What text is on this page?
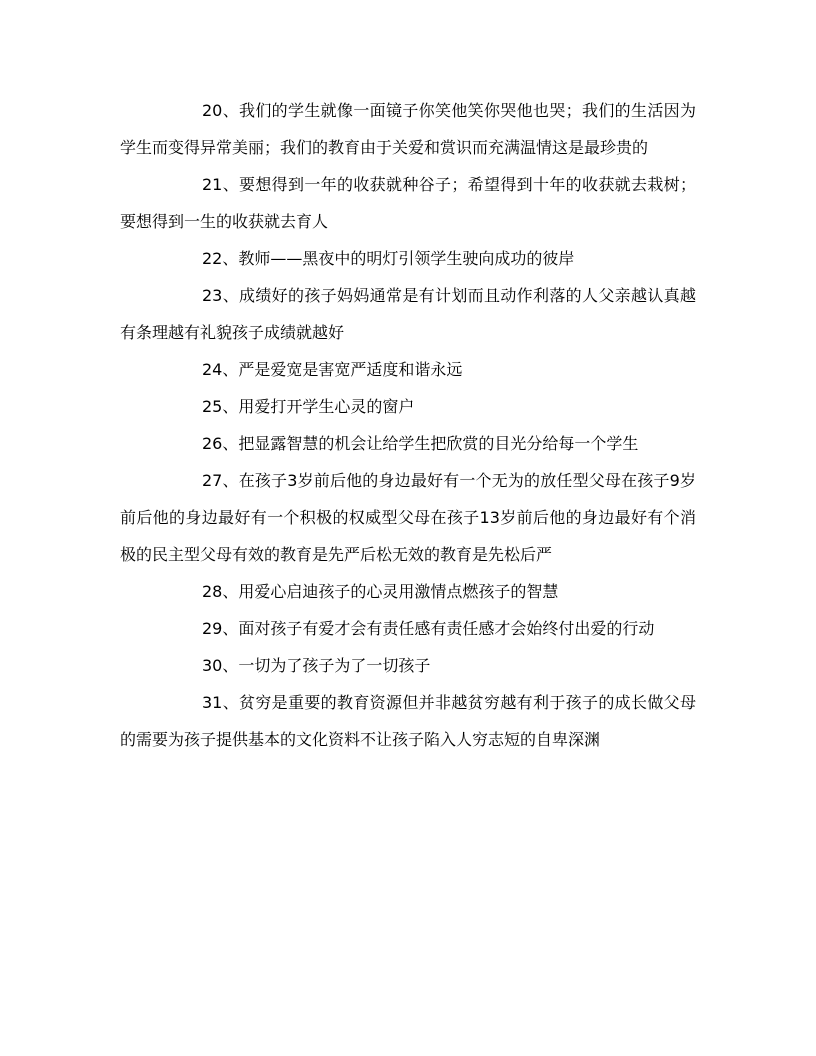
20、我们的学生就像一面镜子你笑他笑你哭他也哭；我们的生活因为学生而变得异常美丽；我们的教育由于关爱和赏识而充满温情这是最珍贵的

21、要想得到一年的收获就种谷子；希望得到十年的收获就去栽树；要想得到一生的收获就去育人

22、教师——黑夜中的明灯引领学生驶向成功的彼岸

23、成绩好的孩子妈妈通常是有计划而且动作利落的人父亲越认真越有条理越有礼貌孩子成绩就越好

24、严是爱宽是害宽严适度和谐永远

25、用爱打开学生心灵的窗户

26、把显露智慧的机会让给学生把欣赏的目光分给每一个学生

27、在孩子3岁前后他的身边最好有一个无为的放任型父母在孩子9岁前后他的身边最好有一个积极的权威型父母在孩子13岁前后他的身边最好有个消极的民主型父母有效的教育是先严后松无效的教育是先松后严

28、用爱心启迪孩子的心灵用激情点燃孩子的智慧

29、面对孩子有爱才会有责任感有责任感才会始终付出爱的行动

30、一切为了孩子为了一切孩子

31、贫穷是重要的教育资源但并非越贫穷越有利于孩子的成长做父母的需要为孩子提供基本的文化资料不让孩子陷入人穷志短的自卑深渊
